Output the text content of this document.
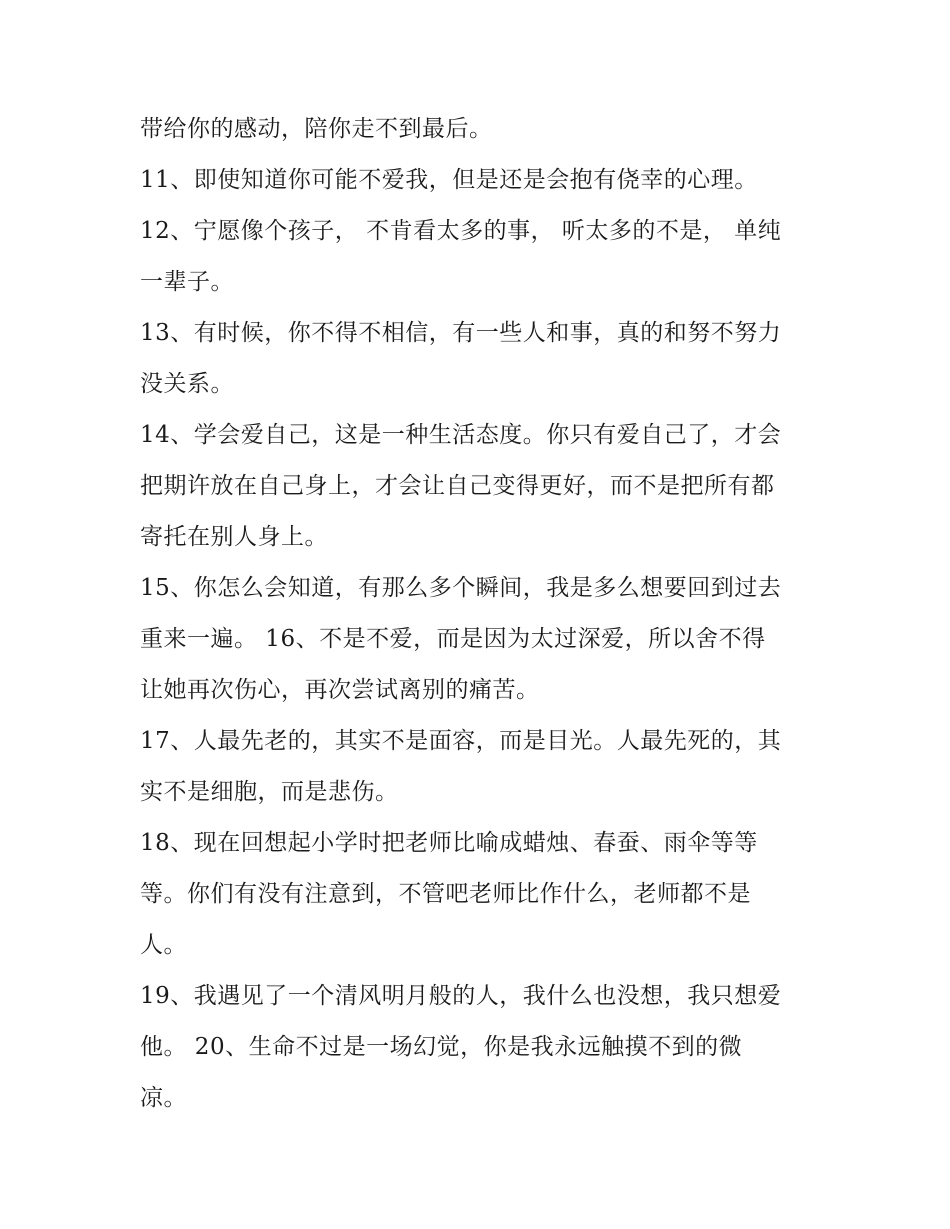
带给你的感动，陪你走不到最后。
11、即使知道你可能不爱我，但是还是会抱有侥幸的心理。
12、宁愿像个孩子， 不肯看太多的事， 听太多的不是， 单纯
一辈子。
13、有时候，你不得不相信，有一些人和事，真的和努不努力
没关系。
14、学会爱自己，这是一种生活态度。你只有爱自己了，才会
把期许放在自己身上，才会让自己变得更好，而不是把所有都
寄托在别人身上。
15、你怎么会知道，有那么多个瞬间，我是多么想要回到过去
重来一遍。 16、不是不爱，而是因为太过深爱，所以舍不得
让她再次伤心，再次尝试离别的痛苦。
17、人最先老的，其实不是面容，而是目光。人最先死的，其
实不是细胞，而是悲伤。
18、现在回想起小学时把老师比喻成蜡烛、春蚕、雨伞等等
等。你们有没有注意到，不管吧老师比作什么，老师都不是
人。
19、我遇见了一个清风明月般的人，我什么也没想，我只想爱
他。 20、生命不过是一场幻觉，你是我永远触摸不到的微
凉。
